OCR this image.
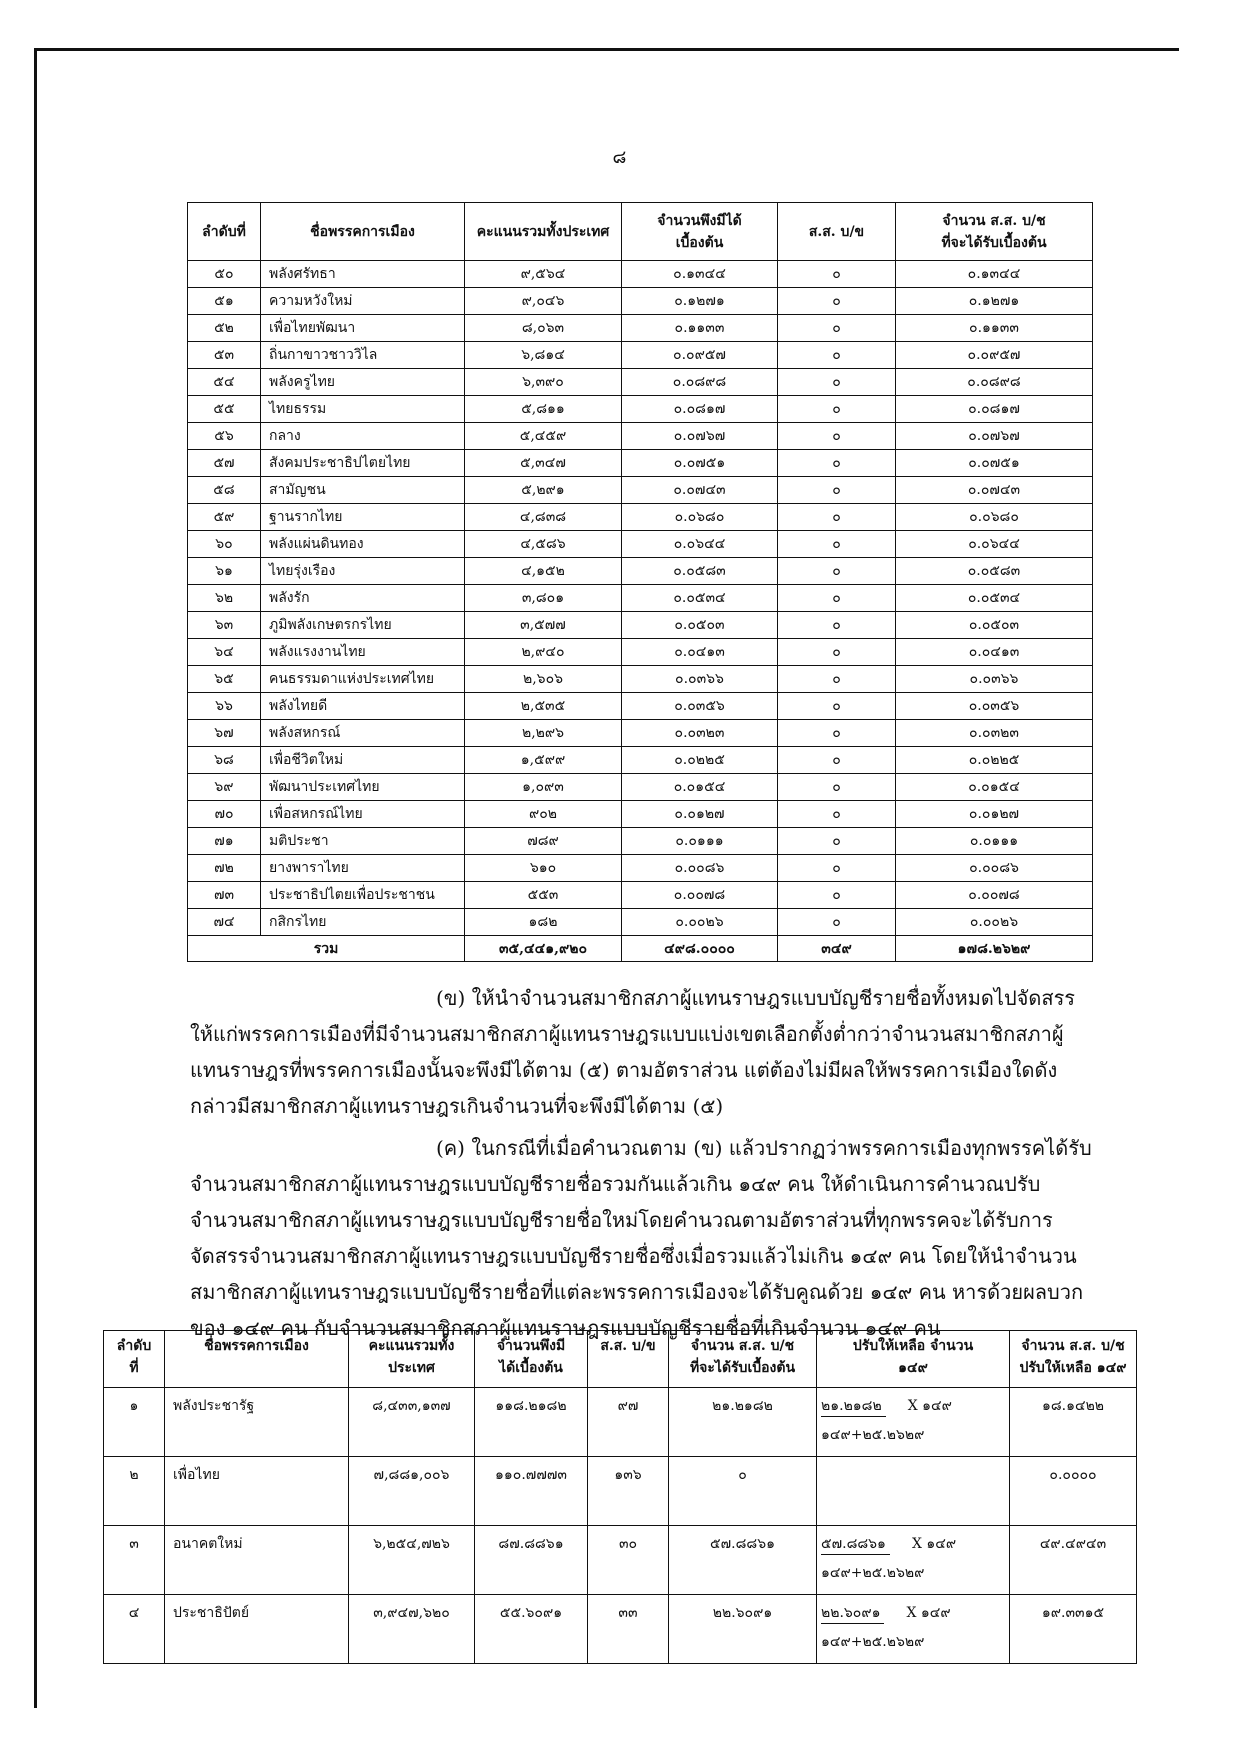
๘
ลำดับที่	ชื่อพรรคการเมือง	คะแนนรวมทั้งประเทศ	จำนวนพึงมีได้
เบื้องต้น	ส.ส. บ/ข	จำนวน ส.ส. บ/ช
ที่จะได้รับเบื้องต้น
๕๐	พลังศรัทธา	๙,๕๖๔	๐.๑๓๔๔	๐	๐.๑๓๔๔
๕๑	ความหวังใหม่	๙,๐๔๖	๐.๑๒๗๑	๐	๐.๑๒๗๑
๕๒	เพื่อไทยพัฒนา	๘,๐๖๓	๐.๑๑๓๓	๐	๐.๑๑๓๓
๕๓	ถิ่นกาขาวชาววิไล	๖,๘๑๔	๐.๐๙๕๗	๐	๐.๐๙๕๗
๕๔	พลังครูไทย	๖,๓๙๐	๐.๐๘๙๘	๐	๐.๐๘๙๘
๕๕	ไทยธรรม	๕,๘๑๑	๐.๐๘๑๗	๐	๐.๐๘๑๗
๕๖	กลาง	๕,๔๕๙	๐.๐๗๖๗	๐	๐.๐๗๖๗
๕๗	สังคมประชาธิปไตยไทย	๕,๓๔๗	๐.๐๗๕๑	๐	๐.๐๗๕๑
๕๘	สามัญชน	๕,๒๙๑	๐.๐๗๔๓	๐	๐.๐๗๔๓
๕๙	ฐานรากไทย	๔,๘๓๘	๐.๐๖๘๐	๐	๐.๐๖๘๐
๖๐	พลังแผ่นดินทอง	๔,๕๘๖	๐.๐๖๔๔	๐	๐.๐๖๔๔
๖๑	ไทยรุ่งเรือง	๔,๑๕๒	๐.๐๕๘๓	๐	๐.๐๕๘๓
๖๒	พลังรัก	๓,๘๐๑	๐.๐๕๓๔	๐	๐.๐๕๓๔
๖๓	ภูมิพลังเกษตรกรไทย	๓,๕๗๗	๐.๐๕๐๓	๐	๐.๐๕๐๓
๖๔	พลังแรงงานไทย	๒,๙๔๐	๐.๐๔๑๓	๐	๐.๐๔๑๓
๖๕	คนธรรมดาแห่งประเทศไทย	๒,๖๐๖	๐.๐๓๖๖	๐	๐.๐๓๖๖
๖๖	พลังไทยดี	๒,๕๓๕	๐.๐๓๕๖	๐	๐.๐๓๕๖
๖๗	พลังสหกรณ์	๒,๒๙๖	๐.๐๓๒๓	๐	๐.๐๓๒๓
๖๘	เพื่อชีวิตใหม่	๑,๕๙๙	๐.๐๒๒๕	๐	๐.๐๒๒๕
๖๙	พัฒนาประเทศไทย	๑,๐๙๓	๐.๐๑๕๔	๐	๐.๐๑๕๔
๗๐	เพื่อสหกรณ์ไทย	๙๐๒	๐.๐๑๒๗	๐	๐.๐๑๒๗
๗๑	มติประชา	๗๘๙	๐.๐๑๑๑	๐	๐.๐๑๑๑
๗๒	ยางพาราไทย	๖๑๐	๐.๐๐๘๖	๐	๐.๐๐๘๖
๗๓	ประชาธิปไตยเพื่อประชาชน	๕๕๓	๐.๐๐๗๘	๐	๐.๐๐๗๘
๗๔	กสิกรไทย	๑๘๒	๐.๐๐๒๖	๐	๐.๐๐๒๖
รวม		๓๕,๔๔๑,๙๒๐	๔๙๘.๐๐๐๐	๓๔๙	๑๗๘.๒๖๒๙
(ข) ให้นำจำนวนสมาชิกสภาผู้แทนราษฎรแบบบัญชีรายชื่อทั้งหมดไปจัดสรรให้แก่พรรคการเมืองที่มีจำนวนสมาชิกสภาผู้แทนราษฎรแบบแบ่งเขตเลือกตั้งต่ำกว่าจำนวนสมาชิกสภาผู้แทนราษฎรที่พรรคการเมืองนั้นจะพึงมีได้ตาม (๕) ตามอัตราส่วน แต่ต้องไม่มีผลให้พรรคการเมืองใดดังกล่าวมีสมาชิกสภาผู้แทนราษฎรเกินจำนวนที่จะพึงมีได้ตาม (๕)
(ค) ในกรณีที่เมื่อคำนวณตาม (ข) แล้วปรากฏว่าพรรคการเมืองทุกพรรคได้รับจำนวนสมาชิกสภาผู้แทนราษฎรแบบบัญชีรายชื่อรวมกันแล้วเกิน ๑๔๙ คน ให้ดำเนินการคำนวณปรับจำนวนสมาชิกสภาผู้แทนราษฎรแบบบัญชีรายชื่อใหม่โดยคำนวณตามอัตราส่วนที่ทุกพรรคจะได้รับการจัดสรรจำนวนสมาชิกสภาผู้แทนราษฎรแบบบัญชีรายชื่อซึ่งเมื่อรวมแล้วไม่เกิน ๑๔๙ คน โดยให้นำจำนวนสมาชิกสภาผู้แทนราษฎรแบบบัญชีรายชื่อที่แต่ละพรรคการเมืองจะได้รับคูณด้วย ๑๔๙ คน หารด้วยผลบวกของ ๑๔๙ คน กับจำนวนสมาชิกสภาผู้แทนราษฎรแบบบัญชีรายชื่อที่เกินจำนวน ๑๔๙ คน
ลำดับ
ที่	ชื่อพรรคการเมือง	คะแนนรวมทั้ง
ประเทศ	จำนวนพึงมี
ได้เบื้องต้น	ส.ส. บ/ข	จำนวน ส.ส. บ/ช
ที่จะได้รับเบื้องต้น	ปรับให้เหลือ จำนวน
๑๔๙	จำนวน ส.ส. บ/ช
ปรับให้เหลือ ๑๔๙
๑	พลังประชารัฐ	๘,๔๓๓,๑๓๗	๑๑๘.๒๑๘๒	๙๗	๒๑.๒๑๘๒	๒๑.๒๑๘๒ X ๑๔๙
๑๔๙+๒๕.๒๖๒๙	๑๘.๑๔๒๒
๒	เพื่อไทย	๗,๘๘๑,๐๐๖	๑๑๐.๗๗๗๓	๑๓๖	๐		๐.๐๐๐๐
๓	อนาคตใหม่	๖,๒๕๔,๗๒๖	๘๗.๘๘๖๑	๓๐	๕๗.๘๘๖๑	๕๗.๘๘๖๑ X ๑๔๙
๑๔๙+๒๕.๒๖๒๙	๔๙.๔๙๔๓
๔	ประชาธิปัตย์	๓,๙๔๗,๖๒๐	๕๕.๖๐๙๑	๓๓	๒๒.๖๐๙๑	๒๒.๖๐๙๑ X ๑๔๙
๑๔๙+๒๕.๒๖๒๙	๑๙.๓๓๑๕
